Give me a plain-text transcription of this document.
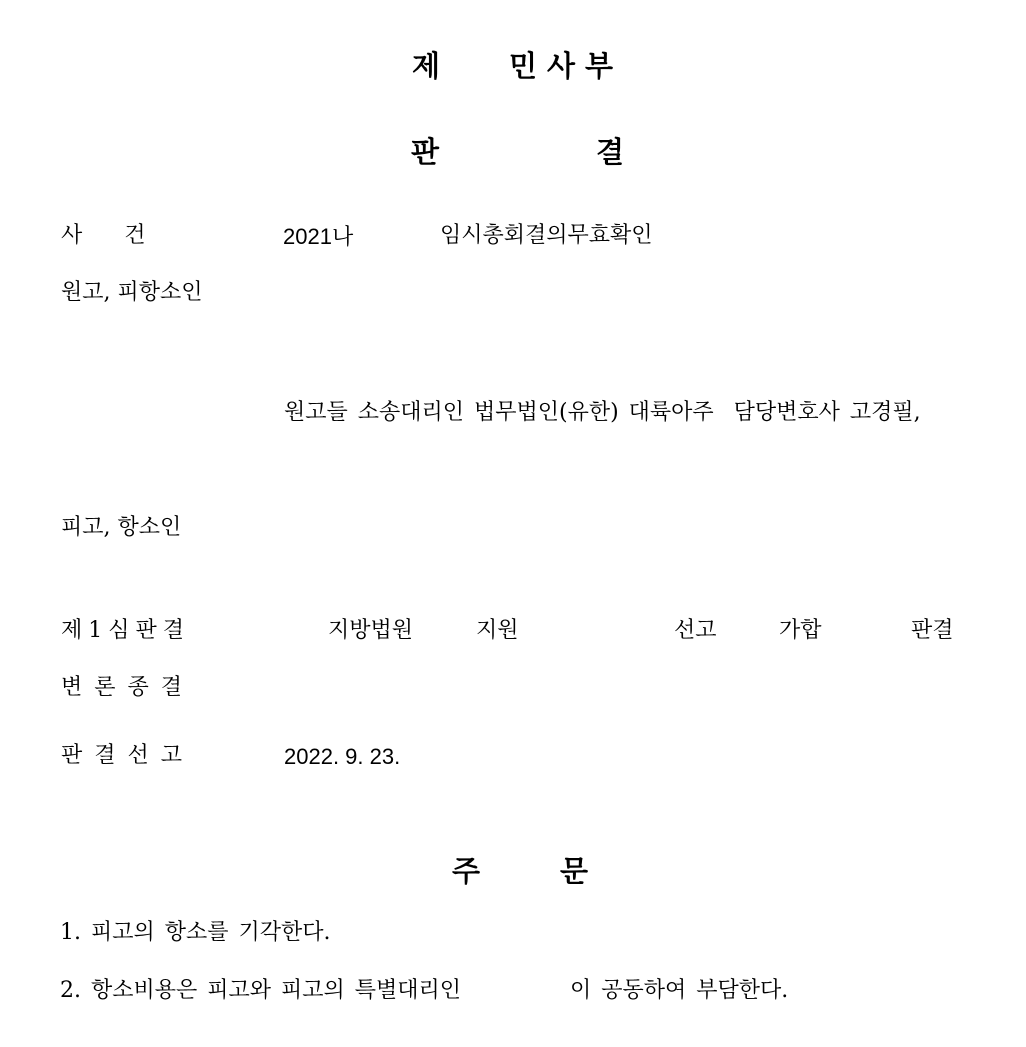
제 민사부
판	결
사      건	2021나	임시총회결의무효확인
원고, 피항소인
원고들 소송대리인 법무법인(유한) 대륙아주  담당변호사 고경필,
피고, 항소인
제1심판결	지방법원	지원	선고	가합	판결
변론종결
판결선고	2022. 9. 23.
주	문
1. 피고의 항소를 기각한다.
2. 항소비용은 피고와 피고의 특별대리인	이 공동하여 부담한다.
